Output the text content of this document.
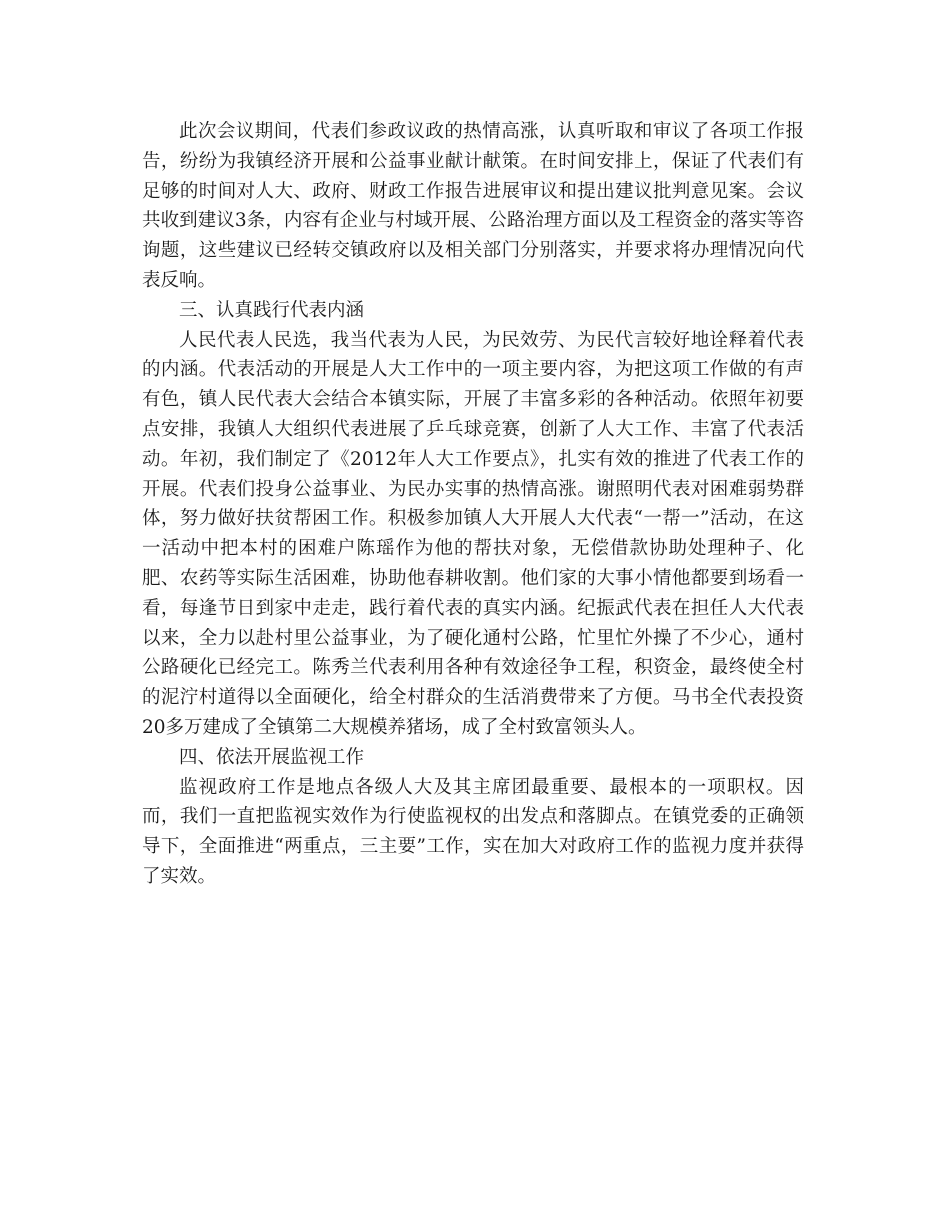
此次会议期间，代表们参政议政的热情高涨，认真听取和审议了各项工作报告，纷纷为我镇经济开展和公益事业献计献策。在时间安排上，保证了代表们有足够的时间对人大、政府、财政工作报告进展审议和提出建议批判意见案。会议共收到建议3条，内容有企业与村域开展、公路治理方面以及工程资金的落实等咨询题，这些建议已经转交镇政府以及相关部门分别落实，并要求将办理情况向代表反响。

三、认真践行代表内涵

人民代表人民选，我当代表为人民，为民效劳、为民代言较好地诠释着代表的内涵。代表活动的开展是人大工作中的一项主要内容，为把这项工作做的有声有色，镇人民代表大会结合本镇实际，开展了丰富多彩的各种活动。依照年初要点安排，我镇人大组织代表进展了乒乓球竞赛，创新了人大工作、丰富了代表活动。年初，我们制定了《2012年人大工作要点》，扎实有效的推进了代表工作的开展。代表们投身公益事业、为民办实事的热情高涨。谢照明代表对困难弱势群体，努力做好扶贫帮困工作。积极参加镇人大开展人大代表“一帮一”活动，在这一活动中把本村的困难户陈瑶作为他的帮扶对象，无偿借款协助处理种子、化肥、农药等实际生活困难，协助他春耕收割。他们家的大事小情他都要到场看一看，每逢节日到家中走走，践行着代表的真实内涵。纪振武代表在担任人大代表以来，全力以赴村里公益事业，为了硬化通村公路，忙里忙外操了不少心，通村公路硬化已经完工。陈秀兰代表利用各种有效途径争工程，积资金，最终使全村的泥泞村道得以全面硬化，给全村群众的生活消费带来了方便。马书全代表投资20多万建成了全镇第二大规模养猪场，成了全村致富领头人。

四、依法开展监视工作

监视政府工作是地点各级人大及其主席团最重要、最根本的一项职权。因而，我们一直把监视实效作为行使监视权的出发点和落脚点。在镇党委的正确领导下，全面推进“两重点，三主要”工作，实在加大对政府工作的监视力度并获得了实效。
